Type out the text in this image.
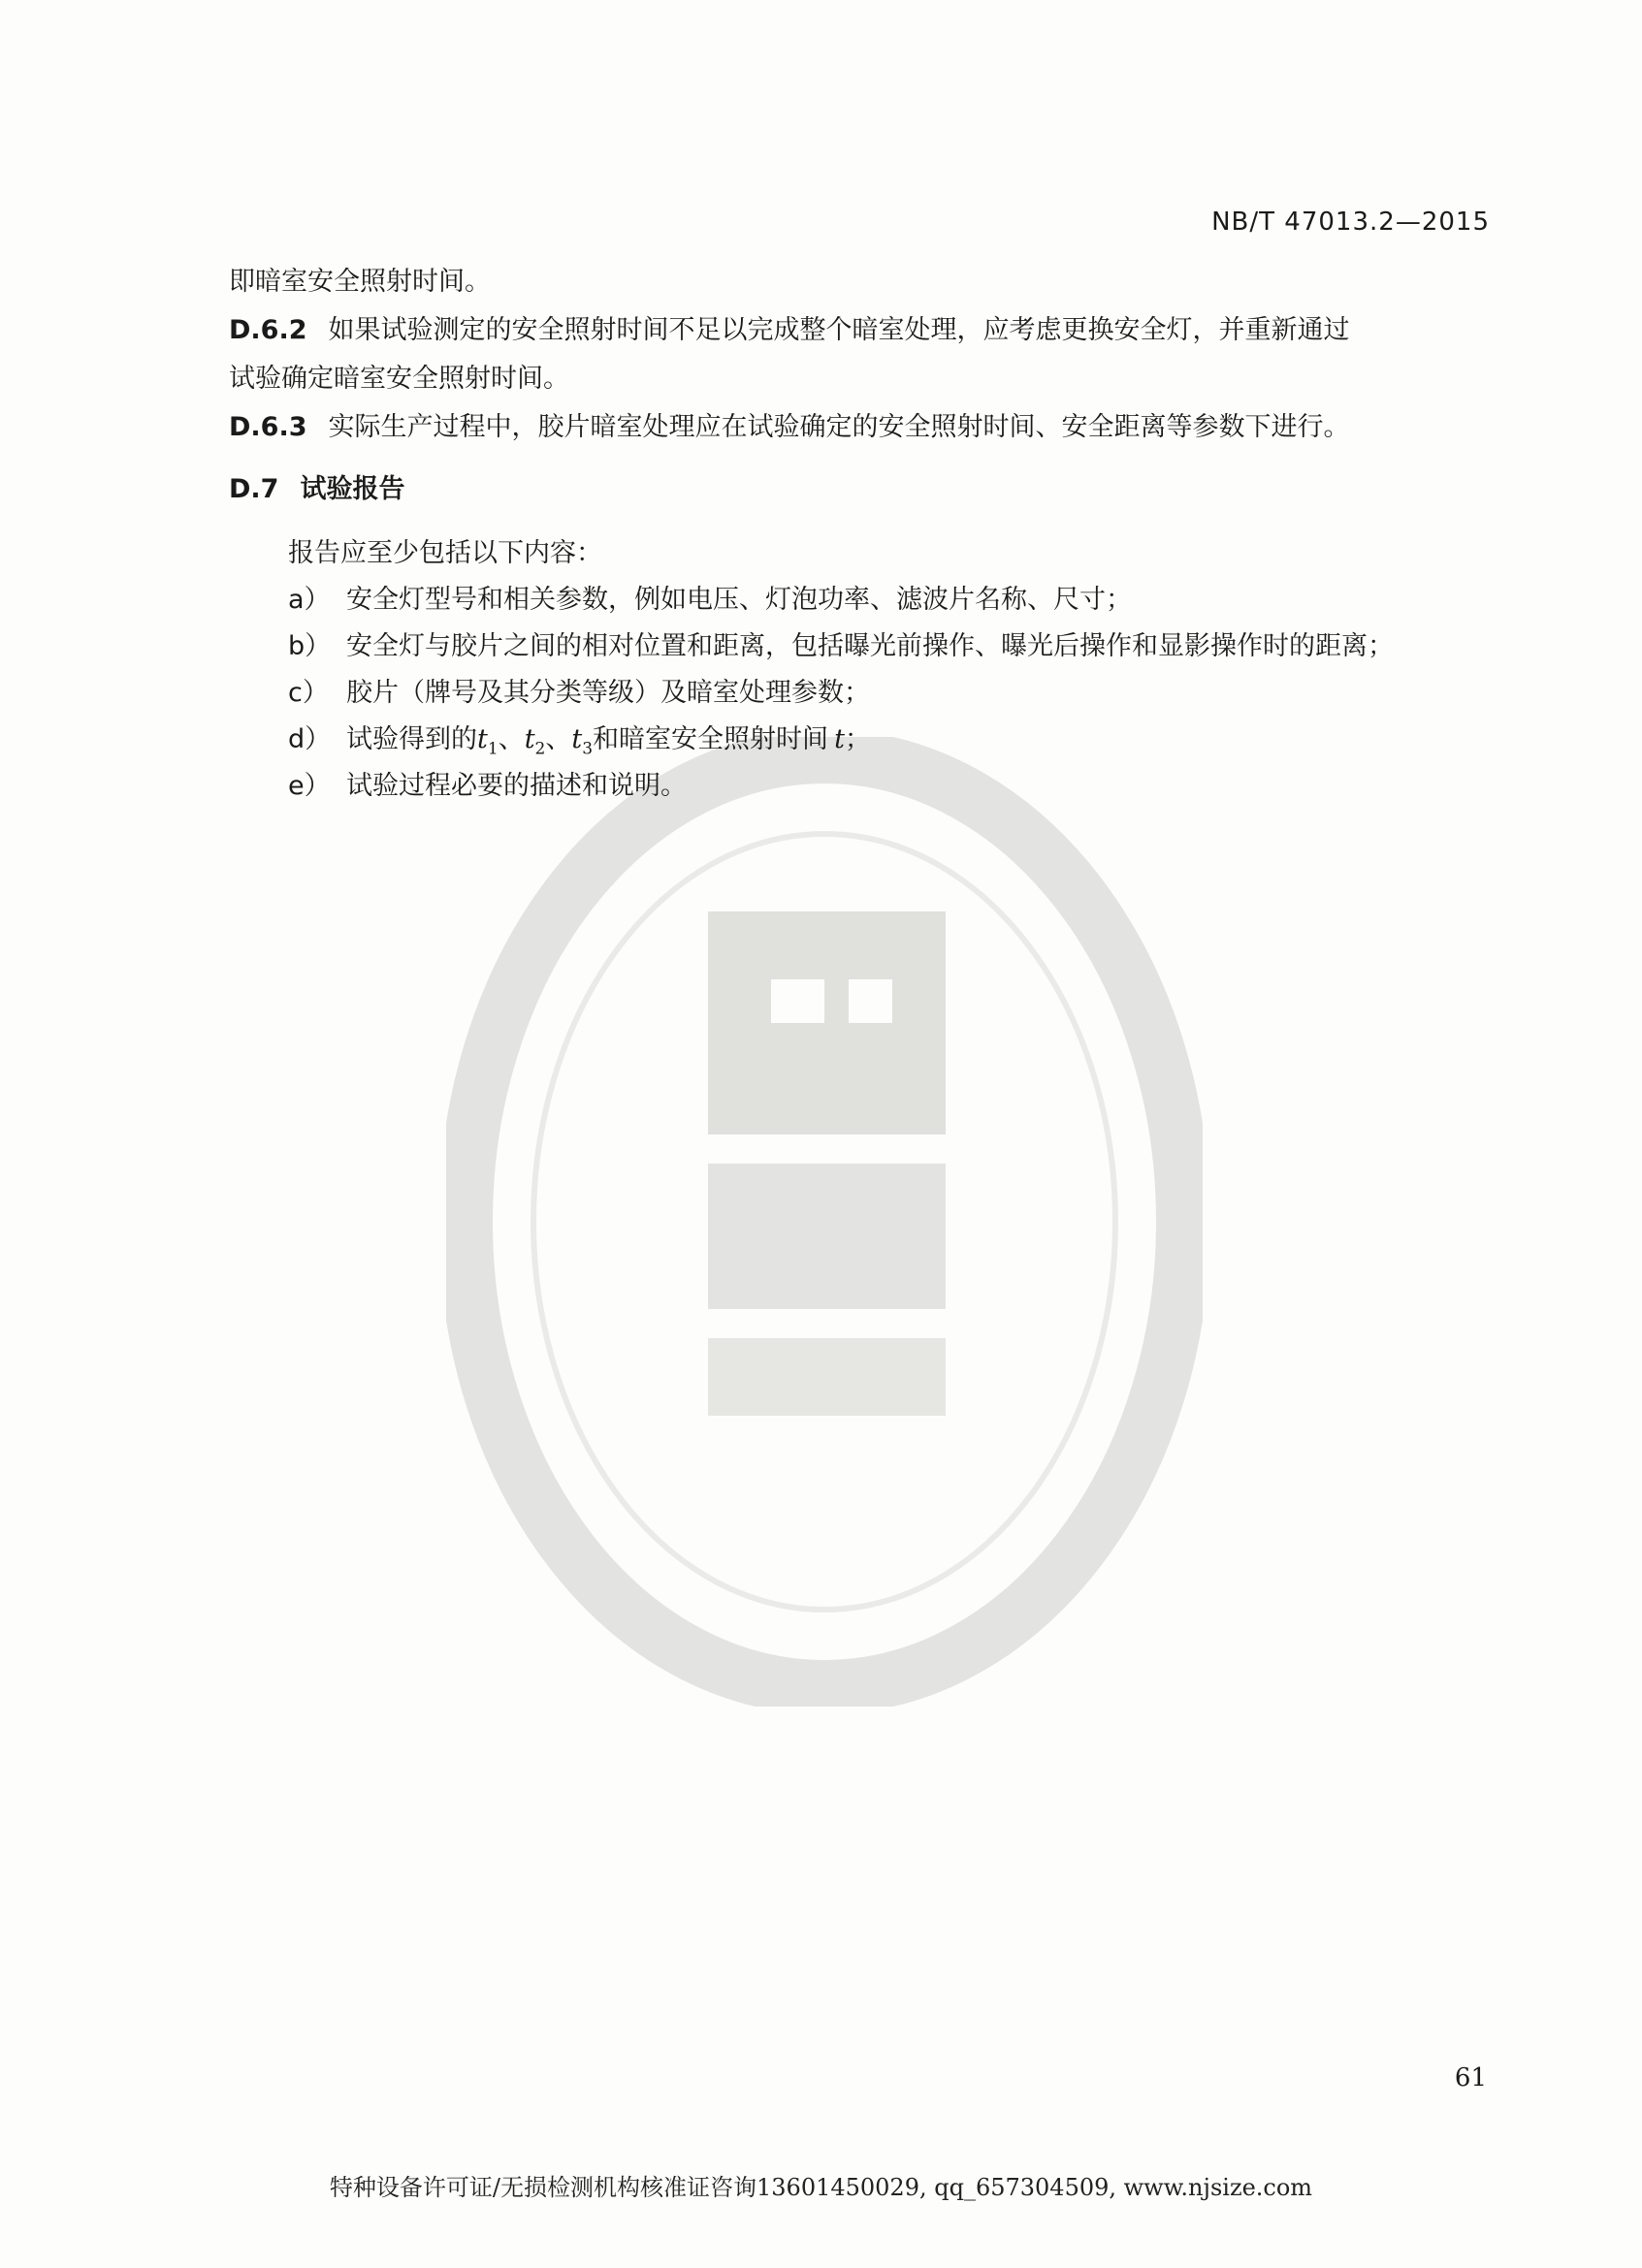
NB/T 47013.2—2015
即暗室安全照射时间。
D.6.2 如果试验测定的安全照射时间不足以完成整个暗室处理，应考虑更换安全灯，并重新通过
试验确定暗室安全照射时间。
D.6.3 实际生产过程中，胶片暗室处理应在试验确定的安全照射时间、安全距离等参数下进行。
D.7 试验报告
报告应至少包括以下内容：
a） 安全灯型号和相关参数，例如电压、灯泡功率、滤波片名称、尺寸；
b） 安全灯与胶片之间的相对位置和距离，包括曝光前操作、曝光后操作和显影操作时的距离；
c） 胶片（牌号及其分类等级）及暗室处理参数；
d） 试验得到的$t_1$、$t_2$、$t_3$和暗室安全照射时间 t；
e） 试验过程必要的描述和说明。
61
特种设备许可证/无损检测机构核准证咨询13601450029, qq_657304509, www.njsize.com
